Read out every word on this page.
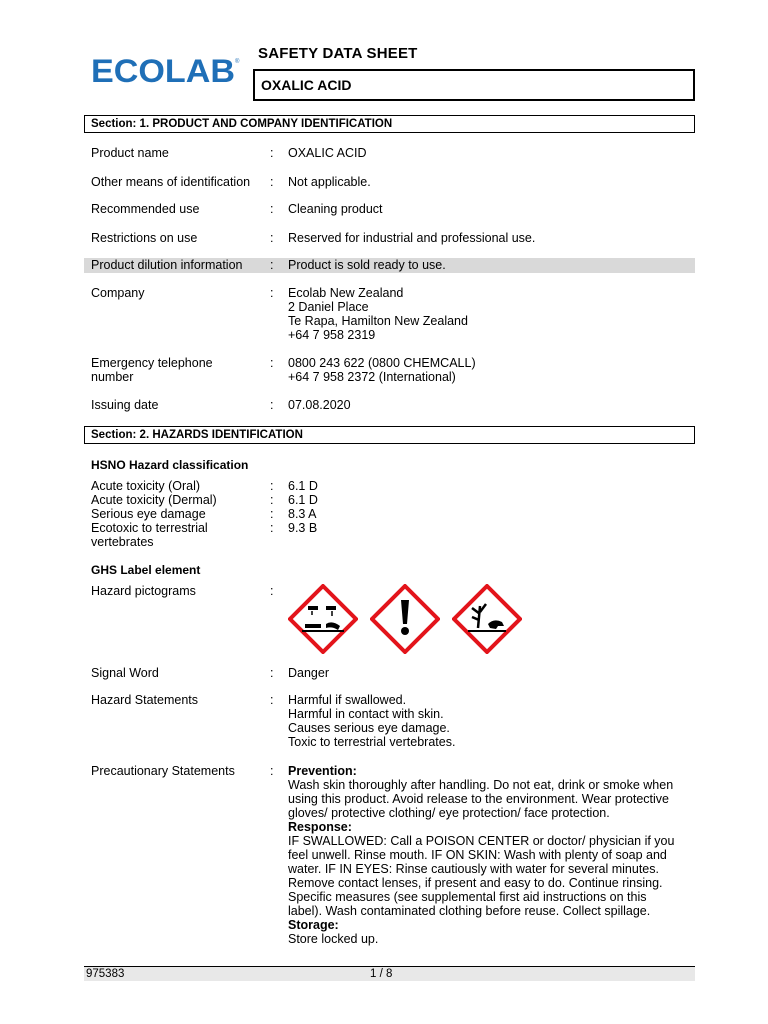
ECOLAB ® SAFETY DATA SHEET
OXALIC ACID
Section: 1. PRODUCT AND COMPANY IDENTIFICATION
Product name	: OXALIC ACID
Other means of identification	: Not applicable.
Recommended use	: Cleaning product
Restrictions on use	: Reserved for industrial and professional use.
Product dilution information	: Product is sold ready to use.
Company	: Ecolab New Zealand
2 Daniel Place
Te Rapa, Hamilton New Zealand
+64 7 958 2319
Emergency telephone
number
: 0800 243 622 (0800 CHEMCALL)
+64 7 958 2372 (International)
Issuing date	: 07.08.2020
Section: 2. HAZARDS IDENTIFICATION
HSNO Hazard classification
Acute toxicity (Oral)	: 6.1 D
Acute toxicity (Dermal)	: 6.1 D
Serious eye damage	: 8.3 A
Ecotoxic to terrestrial
vertebrates
: 9.3 B
GHS Label element
Hazard pictograms	:
Signal Word	: Danger
Hazard Statements	: Harmful if swallowed.
Harmful in contact with skin.
Causes serious eye damage.
Toxic to terrestrial vertebrates.
Precautionary Statements	: Prevention:
Wash skin thoroughly after handling. Do not eat, drink or smoke when
using this product. Avoid release to the environment. Wear protective
gloves/ protective clothing/ eye protection/ face protection.
Response:
IF SWALLOWED: Call a POISON CENTER or doctor/ physician if you
feel unwell. Rinse mouth. IF ON SKIN: Wash with plenty of soap and
water. IF IN EYES: Rinse cautiously with water for several minutes.
Remove contact lenses, if present and easy to do. Continue rinsing.
Specific measures (see supplemental first aid instructions on this
label). Wash contaminated clothing before reuse. Collect spillage.
Storage:
Store locked up.
975383	1 / 8
